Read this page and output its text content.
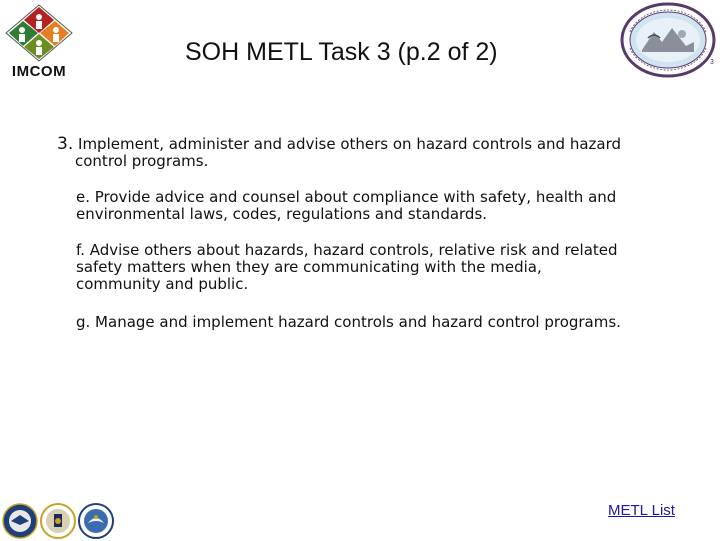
IMCOM
SOH METL Task 3 (p.2 of 2)	3
3. Implement, administer and advise others on hazard controls and hazard
control programs.
e. Provide advice and counsel about compliance with safety, health and
environmental laws, codes, regulations and standards.
f. Advise others about hazards, hazard controls, relative risk and related
safety matters when they are communicating with the media,
community and public.
g. Manage and implement hazard controls and hazard control programs.
METL List
